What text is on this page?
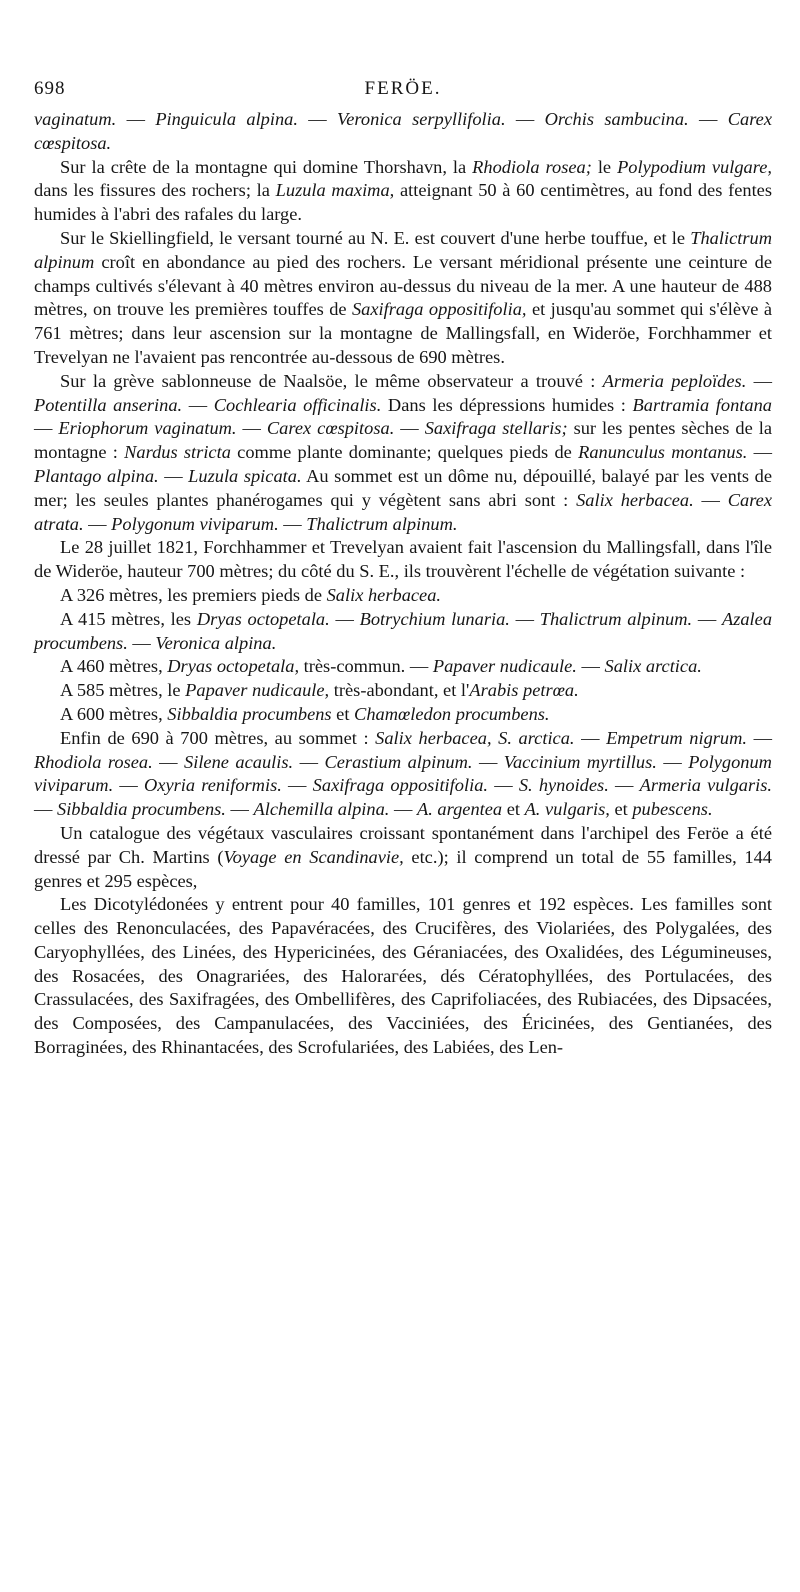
698	FERÖE.

vaginatum. — Pinguicula alpina. — Veronica serpyllifolia. — Orchis sambucina. — Carex cœspitosa.

Sur la crête de la montagne qui domine Thorshavn, la Rhodiola rosea; le Polypodium vulgare, dans les fissures des rochers; la Luzula maxima, atteignant 50 à 60 centimètres, au fond des fentes humides à l'abri des rafales du large.

Sur le Skiellingfield, le versant tourné au N. E. est couvert d'une herbe touffue, et le Thalictrum alpinum croît en abondance au pied des rochers. Le versant méridional présente une ceinture de champs cultivés s'élevant à 40 mètres environ au-dessus du niveau de la mer. A une hauteur de 488 mètres, on trouve les premières touffes de Saxifraga oppositifolia, et jusqu'au sommet qui s'élève à 761 mètres; dans leur ascension sur la montagne de Mallingsfall, en Wideröe, Forchhammer et Trevelyan ne l'avaient pas rencontrée au-dessous de 690 mètres.

Sur la grève sablonneuse de Naalsöe, le même observateur a trouvé : Armeria peploïdes. — Potentilla anserina. — Cochlearia officinalis. Dans les dépressions humides : Bartramia fontana — Eriophorum vaginatum. — Carex cœspitosa. — Saxifraga stellaris; sur les pentes sèches de la montagne : Nardus stricta comme plante dominante; quelques pieds de Ranunculus montanus. — Plantago alpina. — Luzula spicata. Au sommet est un dôme nu, dépouillé, balayé par les vents de mer; les seules plantes phanérogames qui y végètent sans abri sont : Salix herbacea. — Carex atrata. — Polygonum viviparum. — Thalictrum alpinum.

Le 28 juillet 1821, Forchhammer et Trevelyan avaient fait l'ascension du Mallingsfall, dans l'île de Wideröe, hauteur 700 mètres; du côté du S. E., ils trouvèrent l'échelle de végétation suivante :

A 326 mètres, les premiers pieds de Salix herbacea.

A 415 mètres, les Dryas octopetala. — Botrychium lunaria. — Thalictrum alpinum. — Azalea procumbens. — Veronica alpina.

A 460 mètres, Dryas octopetala, très-commun. — Papaver nudicaule. — Salix arctica.

A 585 mètres, le Papaver nudicaule, très-abondant, et l'Arabis petrœa.

A 600 mètres, Sibbaldia procumbens et Chamœledon procumbens.

Enfin de 690 à 700 mètres, au sommet : Salix herbacea, S. arctica. — Empetrum nigrum. — Rhodiola rosea. — Silene acaulis. — Cerastium alpinum. — Vaccinium myrtillus. — Polygonum viviparum. — Oxyria reniformis. — Saxifraga oppositifolia. — S. hynoides. — Armeria vulgaris. — Sibbaldia procumbens. — Alchemilla alpina. — A. argentea et A. vulgaris, et pubescens.

Un catalogue des végétaux vasculaires croissant spontanément dans l'archipel des Feröe a été dressé par Ch. Martins (Voyage en Scandinavie, etc.); il comprend un total de 55 familles, 144 genres et 295 espèces,

Les Dicotylédonées y entrent pour 40 familles, 101 genres et 192 espèces. Les familles sont celles des Renonculacées, des Papavéracées, des Crucifères, des Violariées, des Polygalées, des Caryophyllées, des Linées, des Hypericinées, des Géraniacées, des Oxalidées, des Légumineuses, des Rosacées, des Onagrariées, des Halorагées, dés Cératophyllées, des Portulacées, des Crassulacées, des Saxifragées, des Ombellifères, des Caprifoliacées, des Rubiacées, des Dipsacées, des Composées, des Campanulacées, des Vacciniées, des Éricinées, des Gentianées, des Borraginées, des Rhinantacées, des Scrofulariées, des Labiées, des Len-
